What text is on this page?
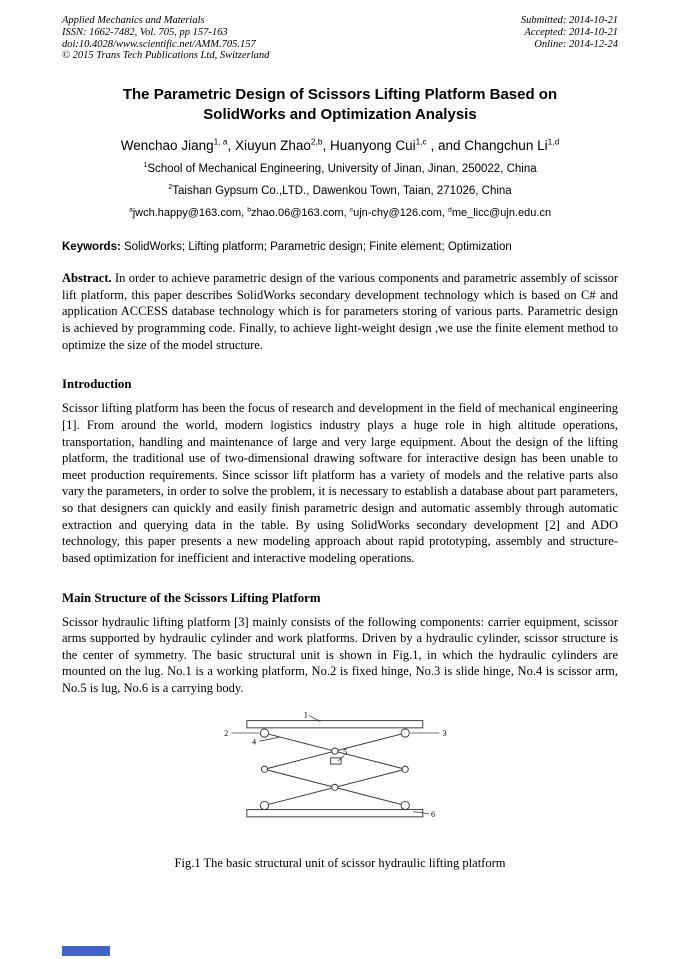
Applied Mechanics and Materials
ISSN: 1662-7482, Vol. 705, pp 157-163
doi:10.4028/www.scientific.net/AMM.705.157
© 2015 Trans Tech Publications Ltd, Switzerland
Submitted: 2014-10-21
Accepted: 2014-10-21
Online: 2014-12-24
The Parametric Design of Scissors Lifting Platform Based on SolidWorks and Optimization Analysis
Wenchao Jiang$^{1, a}$, Xiuyun Zhao$^{2,b}$, Huanyong Cui$^{1,c}$ , and Changchun Li$^{1,d}$
$^1$School of Mechanical Engineering, University of Jinan, Jinan, 250022, China
$^2$Taishan Gypsum Co.,LTD., Dawenkou Town, Taian, 271026, China
$^a$jwch.happy@163.com, $^b$zhao.06@163.com, $^c$ujn-chy@126.com, $^d$me_licc@ujn.edu.cn
Keywords: SolidWorks; Lifting platform; Parametric design; Finite element; Optimization

Abstract. In order to achieve parametric design of the various components and parametric assembly of scissor lift platform, this paper describes SolidWorks secondary development technology which is based on C# and application ACCESS database technology which is for parameters storing of various parts. Parametric design is achieved by programming code. Finally, to achieve light-weight design ,we use the finite element method to optimize the size of the model structure.

Introduction

Scissor lifting platform has been the focus of research and development in the field of mechanical engineering [1]. From around the world, modern logistics industry plays a huge role in high altitude operations, transportation, handling and maintenance of large and very large equipment. About the design of the lifting platform, the traditional use of two-dimensional drawing software for interactive design has been unable to meet production requirements. Since scissor lift platform has a variety of models and the relative parts also vary the parameters, in order to solve the problem, it is necessary to establish a database about part parameters, so that designers can quickly and easily finish parametric design and automatic assembly through automatic extraction and querying data in the table. By using SolidWorks secondary development [2] and ADO technology, this paper presents a new modeling approach about rapid prototyping, assembly and structure-based optimization for inefficient and interactive modeling operations.

Main Structure of the Scissors Lifting Platform

Scissor hydraulic lifting platform [3] mainly consists of the following components: carrier equipment, scissor arms supported by hydraulic cylinder and work platforms. Driven by a hydraulic cylinder, scissor structure is the center of symmetry. The basic structural unit is shown in Fig.1, in which the hydraulic cylinders are mounted on the lug. No.1 is a working platform, No.2 is fixed hinge, No.3 is slide hinge, No.4 is scissor arm, No.5 is lug, No.6 is a carrying body.

1
2	3
4
5
6
Fig.1 The basic structural unit of scissor hydraulic lifting platform
